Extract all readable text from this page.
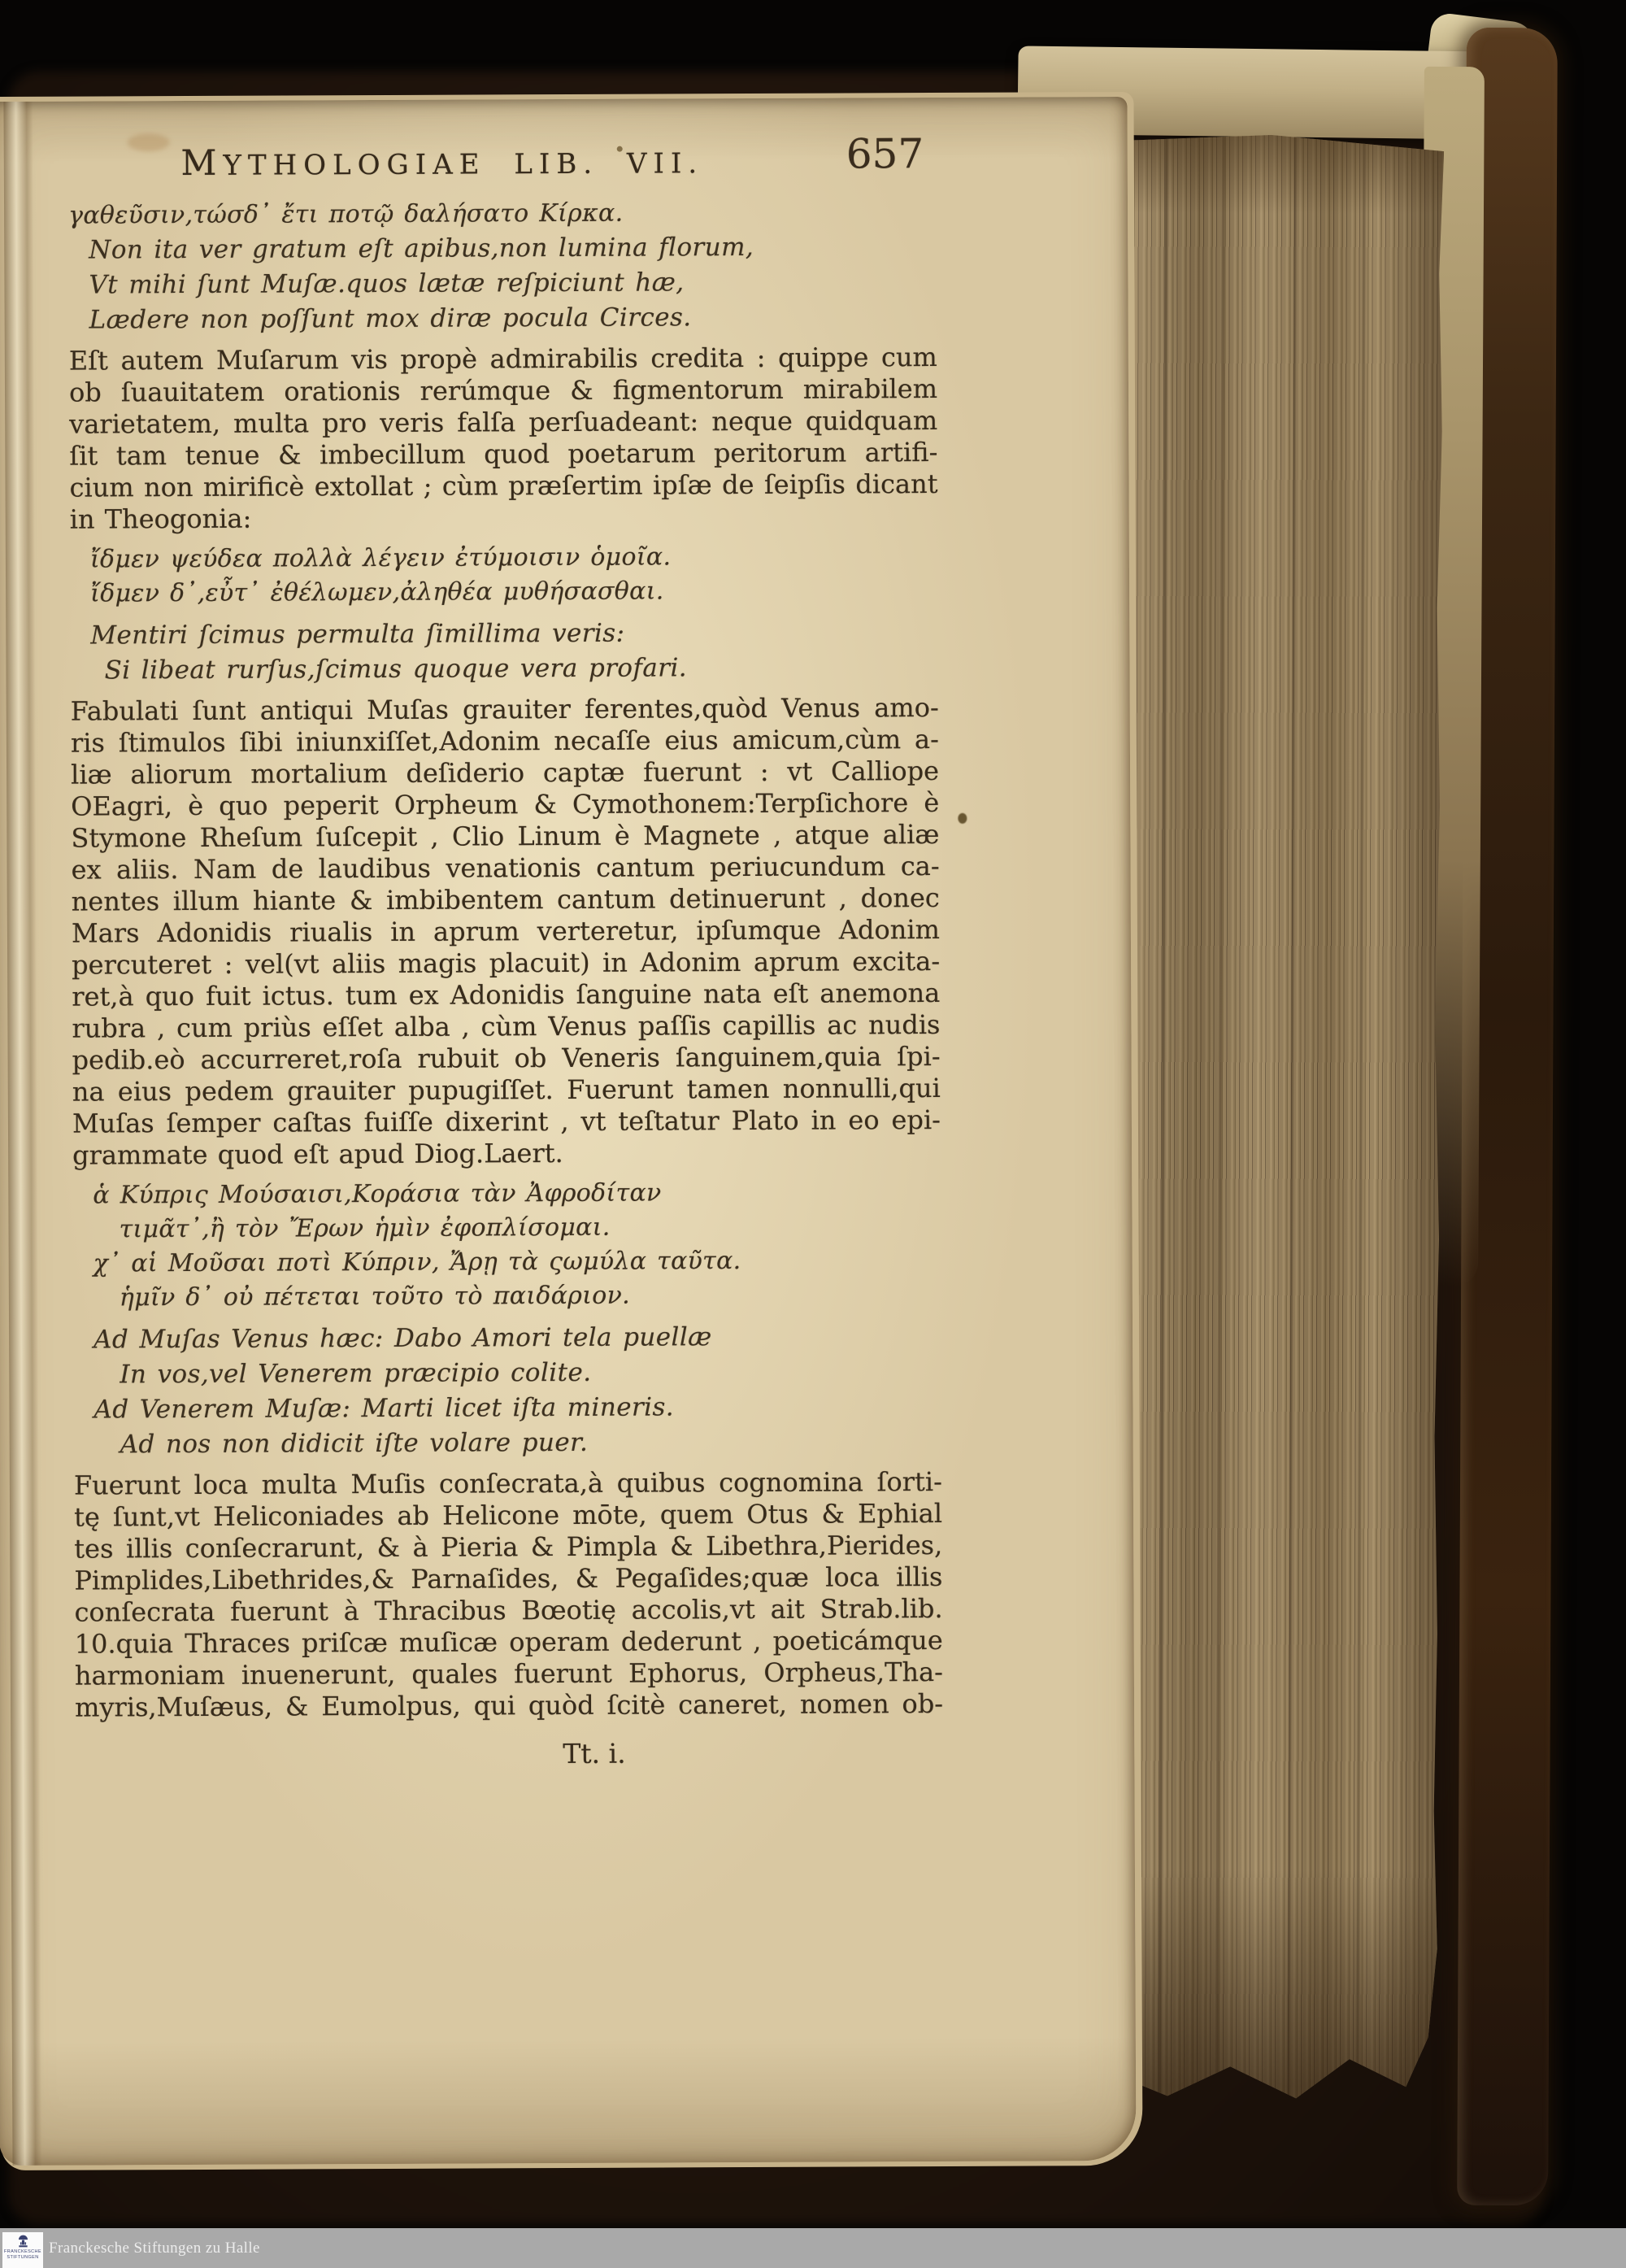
MYTHOLOGIAE LIB. VII.	657
γαθεῦσιν,τώσδ᾽ ἔτι ποτῷ δαλήσατο Κίρκα.
Non ita ver gratum eſt apibus,non lumina florum,
Vt mihi ſunt Muſæ.quos lætæ reſpiciunt hæ,
Lædere non poſſunt mox diræ pocula Circes.
Eſt autem Muſarum vis propè admirabilis credita : quippe cum
ob ſuauitatem orationis rerúmque & figmentorum mirabilem
varietatem, multa pro veris falſa perſuadeant: neque quidquam
ſit tam tenue & imbecillum quod poetarum peritorum artifi-
cium non mirificè extollat ; cùm præſertim ipſæ de ſeipſis dicant
in Theogonia:
ἴδμεν ψεύδεα πολλὰ λέγειν ἐτύμοισιν ὁμοῖα.
ἴδμεν δ᾽,εὖτ᾽ ἐθέλωμεν,ἀληθέα μυθήσασθαι.
Mentiri ſcimus permulta ſimillima veris:
Si libeat rurſus,ſcimus quoque vera profari.
Fabulati ſunt antiqui Muſas grauiter ferentes,quòd Venus amo-
ris ſtimulos ſibi iniunxiſſet,Adonim necaſſe eius amicum,cùm a-
liæ aliorum mortalium deſiderio captæ fuerunt : vt Calliope
OEagri, è quo peperit Orpheum & Cymothonem:Terpſichore è
Stymone Rheſum ſuſcepit , Clio Linum è Magnete , atque aliæ
ex aliis. Nam de laudibus venationis cantum periucundum ca-
nentes illum hiante & imbibentem cantum detinuerunt , donec
Mars Adonidis riualis in aprum verteretur, ipſumque Adonim
percuteret : vel(vt aliis magis placuit) in Adonim aprum excita-
ret,à quo fuit ictus. tum ex Adonidis ſanguine nata eſt anemona
rubra , cum priùs eſſet alba , cùm Venus paſſis capillis ac nudis
pedib.eò accurreret,roſa rubuit ob Veneris ſanguinem,quia ſpi-
na eius pedem grauiter pupugiſſet. Fuerunt tamen nonnulli,qui
Muſas ſemper caſtas fuiſſe dixerint , vt teſtatur Plato in eo epi-
grammate quod eſt apud Diog.Laert.
ἁ Κύπρις Μούσαισι,Κοράσια τὰν Ἀφροδίταν
τιμᾶτ᾽,ἢ τὸν Ἔρων ἡμὶν ἐφοπλίσομαι.
χ᾽ αἱ Μοῦσαι ποτὶ Κύπριν, Ἄρῃ τὰ ςωμύλα ταῦτα.
ἡμῖν δ᾽ οὐ πέτεται τοῦτο τὸ παιδάριον.
Ad Muſas Venus hæc: Dabo Amori tela puellæ
In vos,vel Venerem præcipio colite.
Ad Venerem Muſæ: Marti licet iſta mineris.
Ad nos non didicit iſte volare puer.
Fuerunt loca multa Muſis conſecrata,à quibus cognomina ſorti-
tę ſunt,vt Heliconiades ab Helicone mōte, quem Otus & Ephial
tes illis conſecrarunt, & à Pieria & Pimpla & Libethra,Pierides,
Pimplides,Libethrides,& Parnaſides, & Pegaſides;quæ loca illis
conſecrata fuerunt à Thracibus Bœotię accolis,vt ait Strab.lib.
10.quia Thraces priſcæ muſicæ operam dederunt , poeticámque
harmoniam inuenerunt, quales fuerunt Ephorus, Orpheus,Tha-
myris,Muſæus, & Eumolpus, qui quòd ſcitè caneret, nomen ob-
Tt. i.
FRANCKESCHE
STIFTUNGEN
Franckesche Stiftungen zu Halle
